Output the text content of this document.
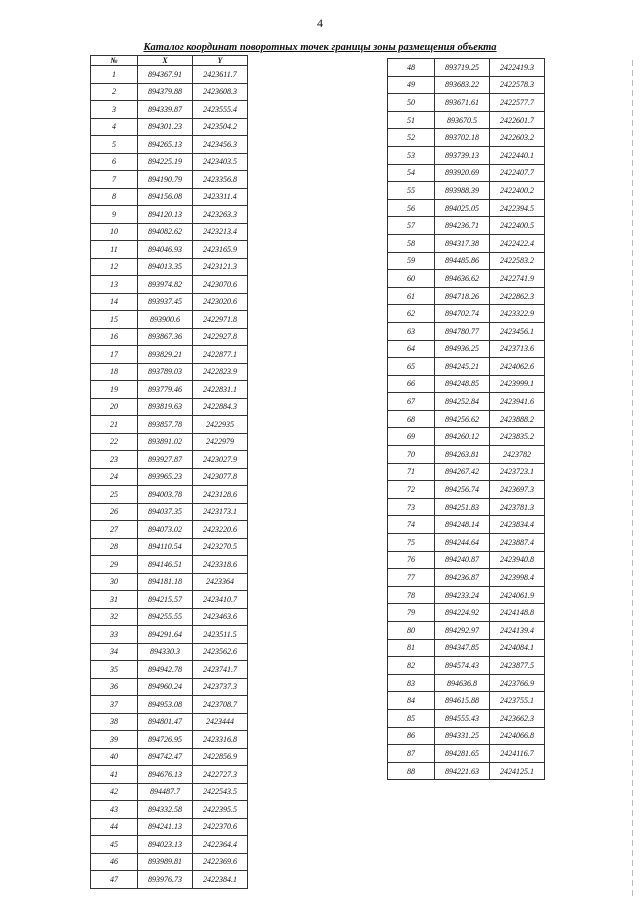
4
Каталог координат поворотных точек границы зоны размещения объекта
№	X	Y
1	894367.91	2423611.7
2	894379.88	2423608.3
3	894339.87	2423555.4
4	894301.23	2423504.2
5	894265.13	2423456.3
6	894225.19	2423403.5
7	894190.79	2423356.8
8	894156.08	2423311.4
9	894120.13	2423263.3
10	894082.62	2423213.4
11	894046.93	2423165.9
12	894013.35	2423121.3
13	893974.82	2423070.6
14	893937.45	2423020.6
15	893900.6	2422971.8
16	893867.36	2422927.8
17	893829.21	2422877.1
18	893789.03	2422823.9
19	893779.46	2422831.1
20	893819.63	2422884.3
21	893857.78	2422935
22	893891.02	2422979
23	893927.87	2423027.9
24	893965.23	2423077.8
25	894003.78	2423128.6
26	894037.35	2423173.1
27	894073.02	2423220.6
28	894110.54	2423270.5
29	894146.51	2423318.6
30	894181.18	2423364
31	894215.57	2423410.7
32	894255.55	2423463.6
33	894291.64	2423511.5
34	894330.3	2423562.6
35	894942.78	2423741.7
36	894960.24	2423737.3
37	894953.08	2423708.7
38	894801.47	2423444
39	894726.95	2423316.8
40	894742.47	2422856.9
41	894676.13	2422727.3
42	894487.7	2422543.5
43	894332.58	2422395.5
44	894241.13	2422370.6
45	894023.13	2422364.4
46	893989.81	2422369.6
47	893976.73	2422384.1
48	893719.25	2422419.3
49	893683.22	2422578.3
50	893671.61	2422577.7
51	893670.5	2422601.7
52	893702.18	2422603.2
53	893739.13	2422440.1
54	893920.69	2422407.7
55	893988.39	2422400.2
56	894025.05	2422394.5
57	894236.71	2422400.5
58	894317.38	2422422.4
59	894485.86	2422583.2
60	894636.62	2422741.9
61	894718.26	2422862.3
62	894702.74	2423322.9
63	894780.77	2423456.1
64	894936.25	2423713.6
65	894245.21	2424062.6
66	894248.85	2423999.1
67	894252.84	2423941.6
68	894256.62	2423888.2
69	894260.12	2423835.2
70	894263.81	2423782
71	894267.42	2423723.1
72	894256.74	2423697.3
73	894251.83	2423781.3
74	894248.14	2423834.4
75	894244.64	2423887.4
76	894240.87	2423940.8
77	894236.87	2423998.4
78	894233.24	2424061.9
79	894224.92	2424148.8
80	894292.97	2424139.4
81	894347.85	2424084.1
82	894574.43	2423877.5
83	894636.8	2423766.9
84	894615.88	2423755.1
85	894555.43	2423662.3
86	894331.25	2424066.8
87	894281.65	2424116.7
88	894221.63	2424125.1
